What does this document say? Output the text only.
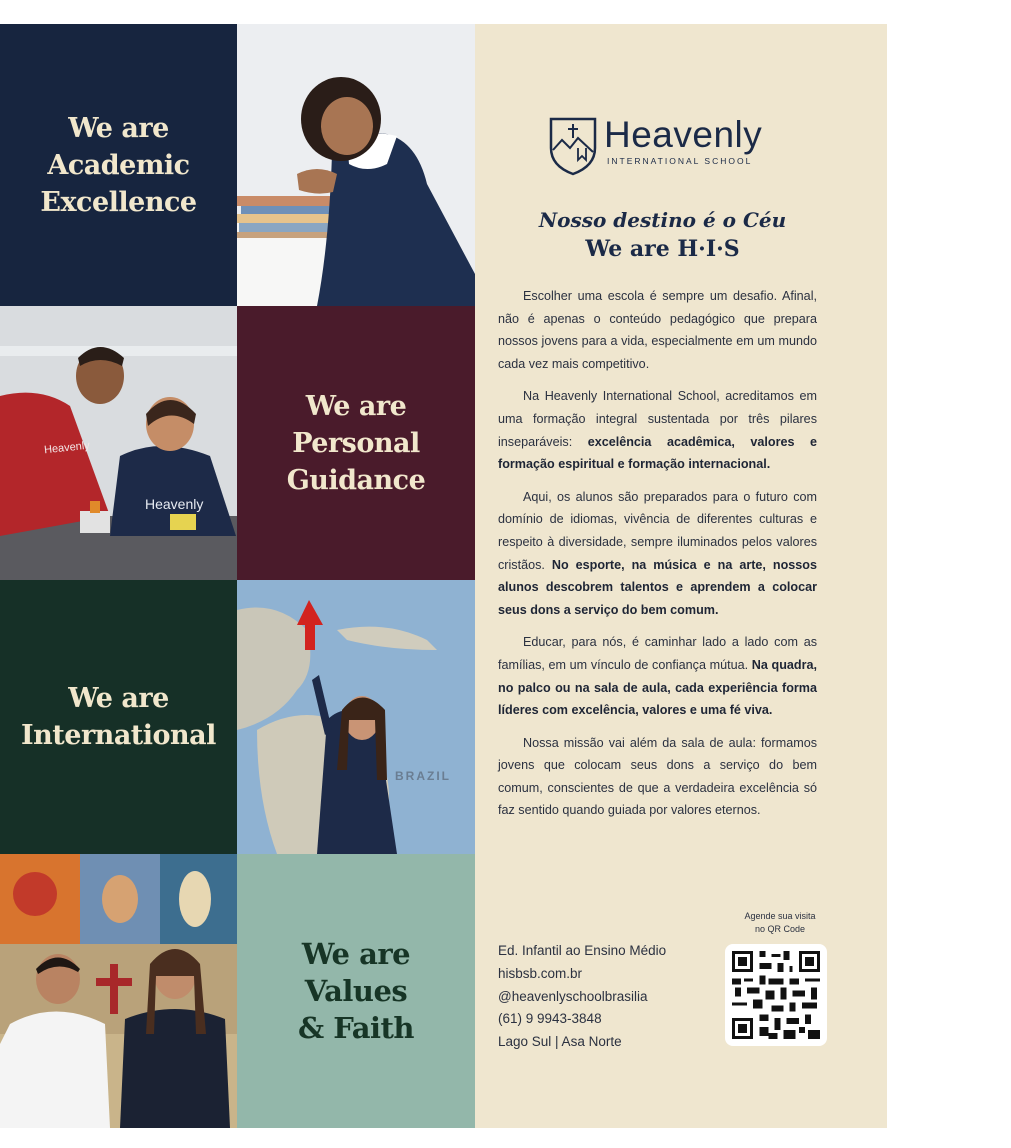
We are
Academic
Excellence
Heavenly
INTERNATIONAL SCHOOL
Nosso destino é o Céu
We are H·I·S

Escolher uma escola é sempre um desafio. Afinal, não é apenas o conteúdo pedagógico que prepara nossos jovens para a vida, especialmente em um mundo cada vez mais competitivo.

Na Heavenly International School, acreditamos em uma formação integral sustentada por três pilares inseparáveis: excelência acadêmica, valores e formação espiritual e formação internacional.

Aqui, os alunos são preparados para o futuro com domínio de idiomas, vivência de diferentes culturas e respeito à diversidade, sempre iluminados pelos valores cristãos. No esporte, na música e na arte, nossos alunos descobrem talentos e aprendem a colocar seus dons a serviço do bem comum.

Educar, para nós, é caminhar lado a lado com as famílias, em um vínculo de confiança mútua. Na quadra, no palco ou na sala de aula, cada experiência forma líderes com excelência, valores e uma fé viva.

Nossa missão vai além da sala de aula: formamos jovens que colocam seus dons a serviço do bem comum, conscientes de que a verdadeira excelência só faz sentido quando guiada por valores eternos.

Agende sua visita
no QR Code
Ed. Infantil ao Ensino Médio
hisbsb.com.br
@heavenlyschoolbrasilia
(61) 9 9943-3848
Lago Sul | Asa Norte
Heavenly
Heavenly
We are
Personal
Guidance
We are
International
BRAZIL
We are
Values
& Faith
